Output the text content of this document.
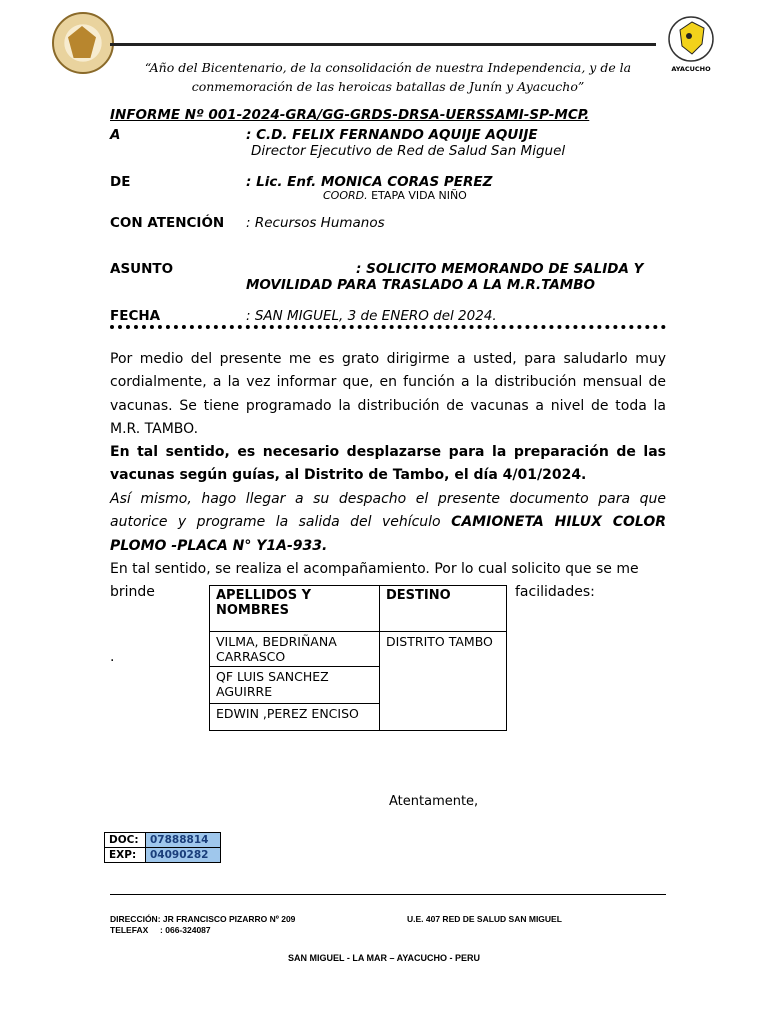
AYACUCHO
“Año del Bicentenario, de la consolidación de nuestra Independencia, y de la conmemoración de las heroicas batallas de Junín y Ayacucho”
INFORME Nº 001-2024-GRA/GG-GRDS-DRSA-UERSSAMI-SP-MCP.
A	: C.D. FELIX FERNANDO AQUIJE AQUIJE
Director Ejecutivo de Red de Salud San Miguel
DE	: Lic. Enf. MONICA CORAS PEREZ
COORD. ETAPA VIDA NIÑO
CON ATENCIÓN : Recursos Humanos
ASUNTO	: SOLICITO MEMORANDO DE SALIDA Y
MOVILIDAD PARA TRASLADO A LA M.R.TAMBO
FECHA	: SAN MIGUEL, 3 de ENERO del 2024.
Por medio del presente me es grato dirigirme a usted, para saludarlo muy cordialmente, a la vez informar que, en función a la distribución mensual de vacunas. Se tiene programado la distribución de vacunas a nivel de toda la M.R. TAMBO.
En tal sentido, es necesario desplazarse para la preparación de las vacunas según guías, al Distrito de Tambo, el día 4/01/2024.
Así mismo, hago llegar a su despacho el presente documento para que autorice y programe la salida del vehículo CAMIONETA HILUX COLOR PLOMO -PLACA N° Y1A-933.
En tal sentido, se realiza el acompañamiento. Por lo cual solicito que se me
brinde	facilidades:
.
APELLIDOS Y NOMBRES	DESTINO
VILMA, BEDRIÑANA CARRASCO	DISTRITO TAMBO
QF LUIS SANCHEZ AGUIRRE	
EDWIN ,PEREZ ENCISO	
Atentamente,
DOC:	07888814
EXP:	04090282
DIRECCIÓN: JR FRANCISCO PIZARRO Nº 209
TELEFAX     : 066-324087
U.E. 407 RED DE SALUD SAN MIGUEL
SAN MIGUEL - LA MAR – AYACUCHO - PERU
